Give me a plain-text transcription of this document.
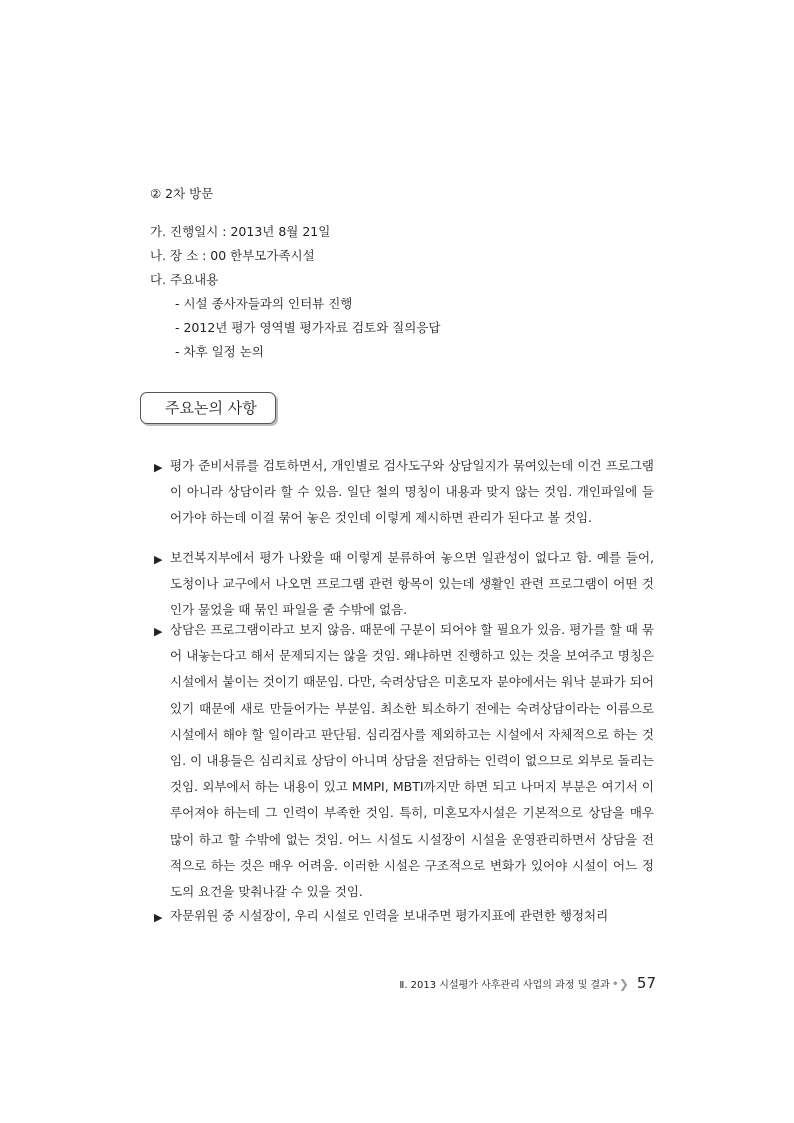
② 2차 방문
가. 진행일시 : 2013년 8월 21일
나. 장 소 : 00 한부모가족시설
다. 주요내용
- 시설 종사자들과의 인터뷰 진행
- 2012년 평가 영역별 평가자료 검토와 질의응답
- 차후 일정 논의
주요논의 사항
▶ 평가 준비서류를 검토하면서, 개인별로 검사도구와 상담일지가 묶여있는데 이건 프로그램이 아니라 상담이라 할 수 있음. 일단 철의 명칭이 내용과 맞지 않는 것임. 개인파일에 들어가야 하는데 이걸 묶어 놓은 것인데 이렇게 제시하면 관리가 된다고 볼 것임.
▶ 보건복지부에서 평가 나왔을 때 이렇게 분류하여 놓으면 일관성이 없다고 함. 예를 들어, 도청이나 교구에서 나오면 프로그램 관련 항목이 있는데 생활인 관련 프로그램이 어떤 것인가 물었을 때 묶인 파일을 줄 수밖에 없음.
▶ 상담은 프로그램이라고 보지 않음. 때문에 구분이 되어야 할 필요가 있음. 평가를 할 때 묶어 내놓는다고 해서 문제되지는 않을 것임. 왜냐하면 진행하고 있는 것을 보여주고 명칭은 시설에서 붙이는 것이기 때문임. 다만, 숙려상담은 미혼모자 분야에서는 워낙 분파가 되어 있기 때문에 새로 만들어가는 부분임. 최소한 퇴소하기 전에는 숙려상담이라는 이름으로 시설에서 해야 할 일이라고 판단됨. 심리검사를 제외하고는 시설에서 자체적으로 하는 것임. 이 내용들은 심리치료 상담이 아니며 상담을 전담하는 인력이 없으므로 외부로 돌리는 것임. 외부에서 하는 내용이 있고 MMPI, MBTI까지만 하면 되고 나머지 부분은 여기서 이루어져야 하는데 그 인력이 부족한 것임. 특히, 미혼모자시설은 기본적으로 상담을 매우 많이 하고 할 수밖에 없는 것임. 어느 시설도 시설장이 시설을 운영관리하면서 상담을 전적으로 하는 것은 매우 어려움. 이러한 시설은 구조적으로 변화가 있어야 시설이 어느 정도의 요건을 맞춰나갈 수 있을 것임.
▶ 자문위원 중 시설장이, 우리 시설로 인력을 보내주면 평가지표에 관련한 행정처리
Ⅱ. 2013 시설평가 사후관리 사업의 과정 및 결과 •❯ 57
